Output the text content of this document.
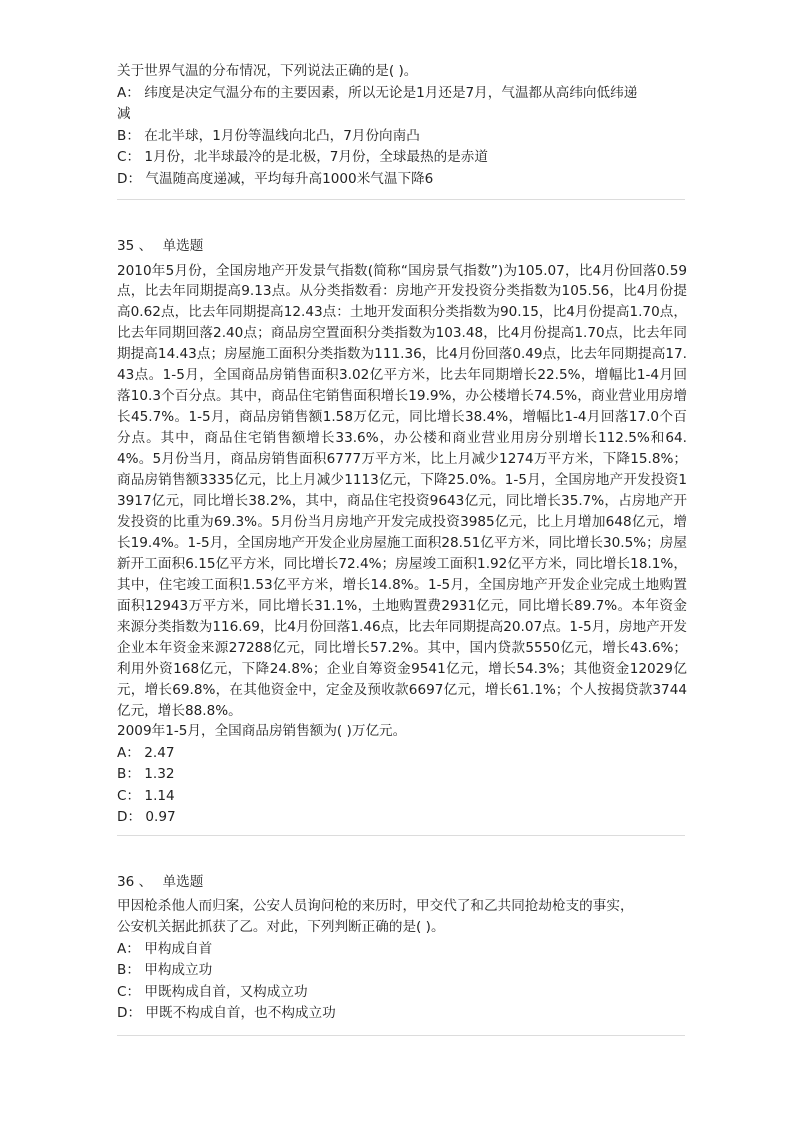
关于世界气温的分布情况，下列说法正确的是( )。
A： 纬度是决定气温分布的主要因素，所以无论是1月还是7月，气温都从高纬向低纬递
减
B： 在北半球，1月份等温线向北凸，7月份向南凸
C： 1月份，北半球最冷的是北极，7月份，全球最热的是赤道
D： 气温随高度递减，平均每升高1000米气温下降6
35 、 单选题

2010年5月份，全国房地产开发景气指数(简称“国房景气指数”)为105.07，比4月份回落0.59点，比去年同期提高9.13点。从分类指数看：房地产开发投资分类指数为105.56，比4月份提高0.62点，比去年同期提高12.43点：土地开发面积分类指数为90.15，比4月份提高1.70点，比去年同期回落2.40点；商品房空置面积分类指数为103.48，比4月份提高1.70点，比去年同期提高14.43点；房屋施工面积分类指数为111.36，比4月份回落0.49点，比去年同期提高17.43点。1-5月，全国商品房销售面积3.02亿平方米，比去年同期增长22.5%，增幅比1-4月回落10.3个百分点。其中，商品住宅销售面积增长19.9%，办公楼增长74.5%，商业营业用房增长45.7%。1-5月，商品房销售额1.58万亿元，同比增长38.4%，增幅比1-4月回落17.0个百分点。其中，商品住宅销售额增长33.6%，办公楼和商业营业用房分别增长112.5%和64.4%。5月份当月，商品房销售面积6777万平方米，比上月减少1274万平方米，下降15.8%；商品房销售额3335亿元，比上月减少1113亿元，下降25.0%。1-5月，全国房地产开发投资13917亿元，同比增长38.2%，其中，商品住宅投资9643亿元，同比增长35.7%，占房地产开发投资的比重为69.3%。5月份当月房地产开发完成投资3985亿元，比上月增加648亿元，增长19.4%。1-5月，全国房地产开发企业房屋施工面积28.51亿平方米，同比增长30.5%；房屋新开工面积6.15亿平方米，同比增长72.4%；房屋竣工面积1.92亿平方米，同比增长18.1%，其中，住宅竣工面积1.53亿平方米，增长14.8%。1-5月，全国房地产开发企业完成土地购置面积12943万平方米，同比增长31.1%，土地购置费2931亿元，同比增长89.7%。本年资金来源分类指数为116.69，比4月份回落1.46点，比去年同期提高20.07点。1-5月，房地产开发企业本年资金来源27288亿元，同比增长57.2%。其中，国内贷款5550亿元，增长43.6%；利用外资168亿元，下降24.8%；企业自筹资金9541亿元，增长54.3%；其他资金12029亿元，增长69.8%，在其他资金中，定金及预收款6697亿元，增长61.1%；个人按揭贷款3744亿元，增长88.8%。

2009年1-5月，全国商品房销售额为( )万亿元。
A： 2.47
B： 1.32
C： 1.14
D： 0.97
36 、 单选题
甲因枪杀他人而归案，公安人员询问枪的来历时，甲交代了和乙共同抢劫枪支的事实，
公安机关据此抓获了乙。对此，下列判断正确的是( )。
A： 甲构成自首
B： 甲构成立功
C： 甲既构成自首，又构成立功
D： 甲既不构成自首，也不构成立功
